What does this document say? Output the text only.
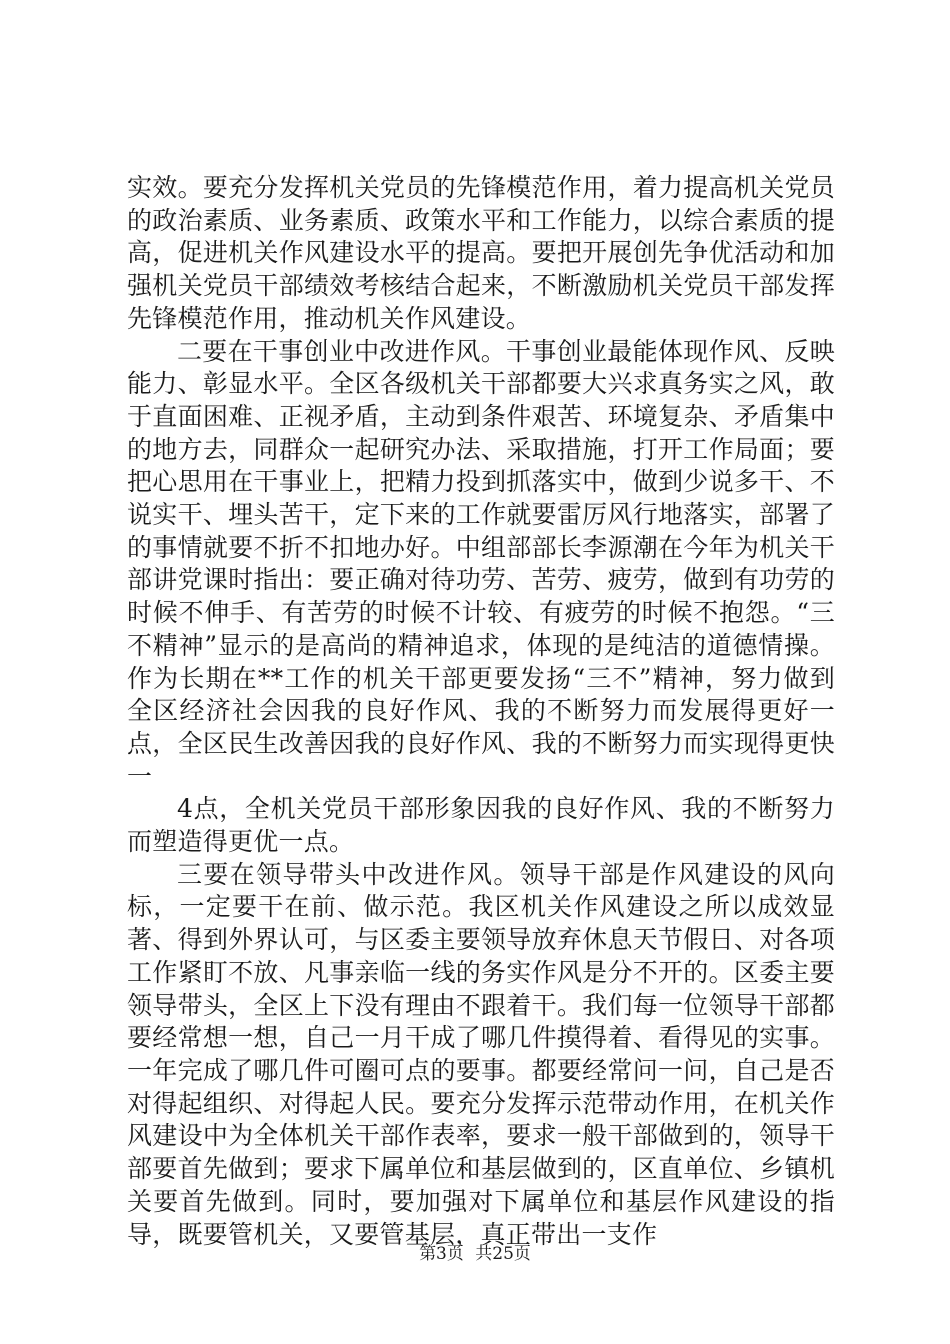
实效。要充分发挥机关党员的先锋模范作用，着力提高机关党员的政治素质、业务素质、政策水平和工作能力，以综合素质的提高，促进机关作风建设水平的提高。要把开展创先争优活动和加强机关党员干部绩效考核结合起来，不断激励机关党员干部发挥先锋模范作用，推动机关作风建设。

二要在干事创业中改进作风。干事创业最能体现作风、反映能力、彰显水平。全区各级机关干部都要大兴求真务实之风，敢于直面困难、正视矛盾，主动到条件艰苦、环境复杂、矛盾集中的地方去，同群众一起研究办法、采取措施，打开工作局面；要把心思用在干事业上，把精力投到抓落实中，做到少说多干、不说实干、埋头苦干，定下来的工作就要雷厉风行地落实，部署了的事情就要不折不扣地办好。中组部部长李源潮在今年为机关干部讲党课时指出：要正确对待功劳、苦劳、疲劳，做到有功劳的时候不伸手、有苦劳的时候不计较、有疲劳的时候不抱怨。“三不精神”显示的是高尚的精神追求，体现的是纯洁的道德情操。作为长期在**工作的机关干部更要发扬“三不”精神，努力做到全区经济社会因我的良好作风、我的不断努力而发展得更好一点，全区民生改善因我的良好作风、我的不断努力而实现得更快一

4点，全机关党员干部形象因我的良好作风、我的不断努力而塑造得更优一点。

三要在领导带头中改进作风。领导干部是作风建设的风向标，一定要干在前、做示范。我区机关作风建设之所以成效显著、得到外界认可，与区委主要领导放弃休息天节假日、对各项工作紧盯不放、凡事亲临一线的务实作风是分不开的。区委主要领导带头，全区上下没有理由不跟着干。我们每一位领导干部都要经常想一想，自己一月干成了哪几件摸得着、看得见的实事。一年完成了哪几件可圈可点的要事。都要经常问一问，自己是否对得起组织、对得起人民。要充分发挥示范带动作用，在机关作风建设中为全体机关干部作表率，要求一般干部做到的，领导干部要首先做到；要求下属单位和基层做到的，区直单位、乡镇机关要首先做到。同时，要加强对下属单位和基层作风建设的指导，既要管机关，又要管基层，真正带出一支作

第3页 共25页
